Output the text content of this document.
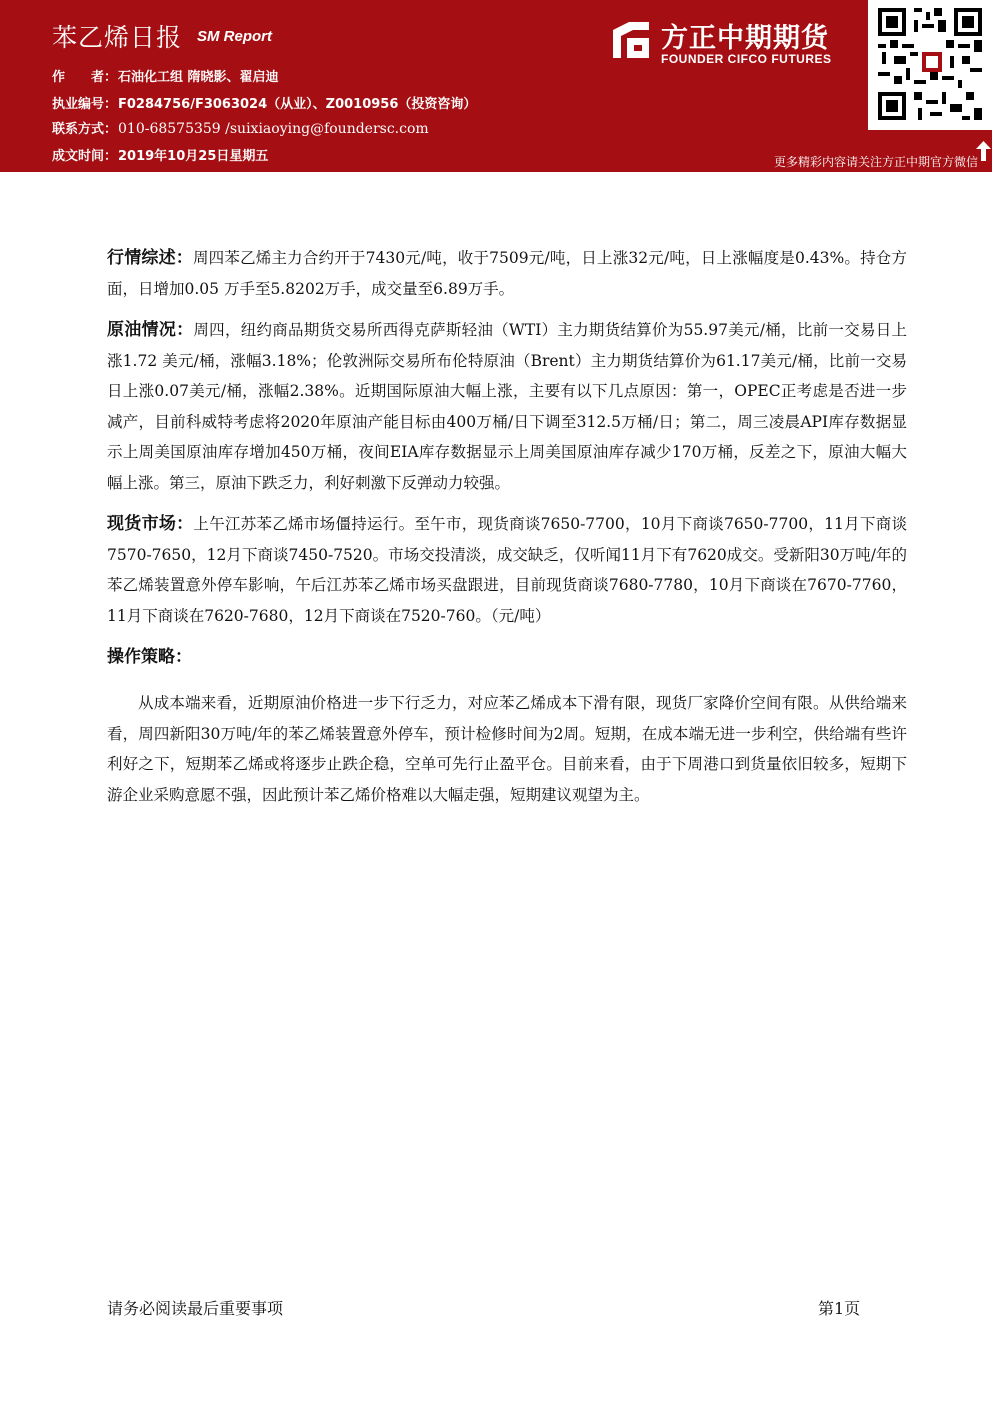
苯乙烯日报 SM Report
作　　者：石油化工组 隋晓影、翟启迪
执业编号：F0284756/F3063024（从业）、Z0010956（投资咨询）
联系方式：010-68575359 /suixiaoying@foundersc.com
成文时间：2019年10月25日星期五
方正中期期货
FOUNDER CIFCO FUTURES
更多精彩内容请关注方正中期官方微信

行情综述：周四苯乙烯主力合约开于7430元/吨，收于7509元/吨，日上涨32元/吨，日上涨幅度是0.43%。持仓方面，日增加0.05 万手至5.8202万手，成交量至6.89万手。

原油情况：周四，纽约商品期货交易所西得克萨斯轻油（WTI）主力期货结算价为55.97美元/桶，比前一交易日上涨1.72 美元/桶，涨幅3.18%；伦敦洲际交易所布伦特原油（Brent）主力期货结算价为61.17美元/桶，比前一交易日上涨0.07美元/桶，涨幅2.38%。近期国际原油大幅上涨，主要有以下几点原因：第一，OPEC正考虑是否进一步减产，目前科威特考虑将2020年原油产能目标由400万桶/日下调至312.5万桶/日；第二，周三凌晨API库存数据显示上周美国原油库存增加450万桶，夜间EIA库存数据显示上周美国原油库存减少170万桶，反差之下，原油大幅大幅上涨。第三，原油下跌乏力，利好刺激下反弹动力较强。

现货市场：上午江苏苯乙烯市场僵持运行。至午市，现货商谈7650-7700，10月下商谈7650-7700，11月下商谈7570-7650，12月下商谈7450-7520。市场交投清淡，成交缺乏，仅听闻11月下有7620成交。受新阳30万吨/年的苯乙烯装置意外停车影响，午后江苏苯乙烯市场买盘跟进，目前现货商谈7680-7780，10月下商谈在7670-7760，11月下商谈在7620-7680，12月下商谈在7520-760。（元/吨）

操作策略：

从成本端来看，近期原油价格进一步下行乏力，对应苯乙烯成本下滑有限，现货厂家降价空间有限。从供给端来看，周四新阳30万吨/年的苯乙烯装置意外停车，预计检修时间为2周。短期，在成本端无进一步利空，供给端有些许利好之下，短期苯乙烯或将逐步止跌企稳，空单可先行止盈平仓。目前来看，由于下周港口到货量依旧较多，短期下游企业采购意愿不强，因此预计苯乙烯价格难以大幅走强，短期建议观望为主。

请务必阅读最后重要事项	第1页
